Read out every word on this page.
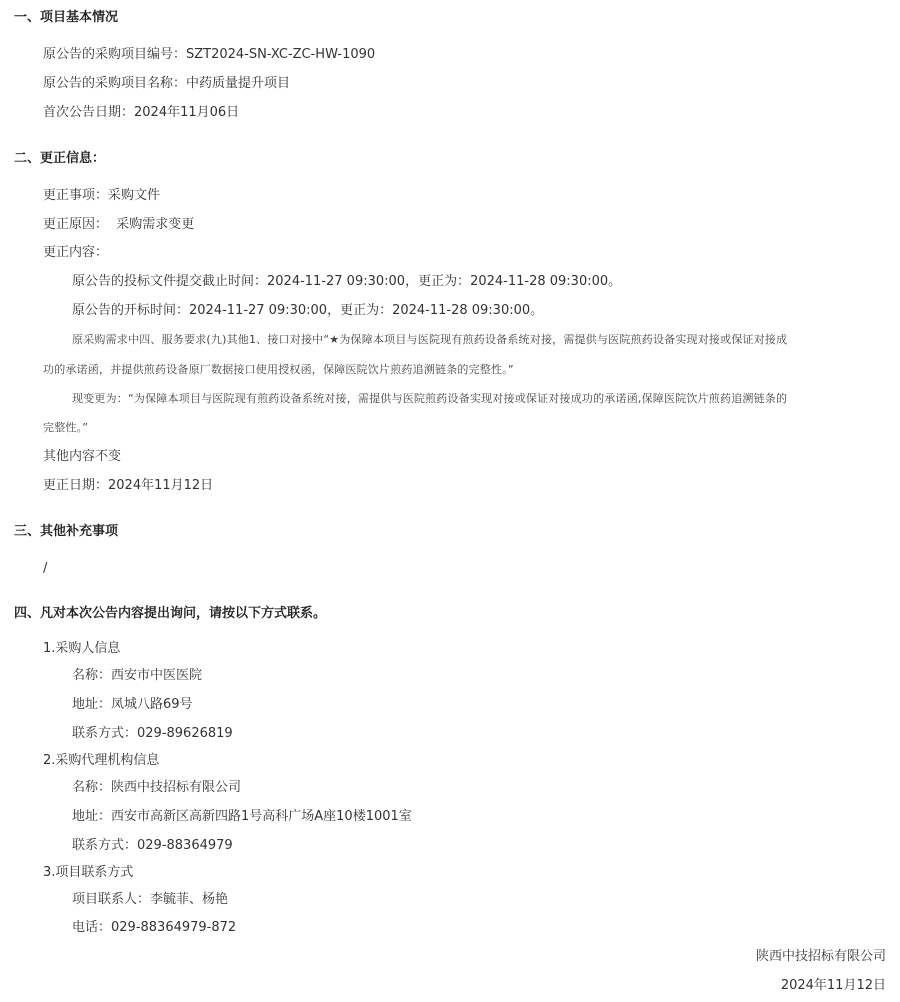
一、项目基本情况
原公告的采购项目编号：SZT2024-SN-XC-ZC-HW-1090
原公告的采购项目名称：中药质量提升项目
首次公告日期：2024年11月06日
二、更正信息：
更正事项：采购文件
更正原因：  采购需求变更
更正内容：
原公告的投标文件提交截止时间：2024-11-27 09:30:00，更正为：2024-11-28 09:30:00。
原公告的开标时间：2024-11-27 09:30:00，更正为：2024-11-28 09:30:00。
原采购需求中四、服务要求(九)其他1、接口对接中“★为保障本项目与医院现有煎药设备系统对接，需提供与医院煎药设备实现对接或保证对接成
功的承诺函，并提供煎药设备原厂数据接口使用授权函，保障医院饮片煎药追溯链条的完整性。”
现变更为：“为保障本项目与医院现有煎药设备系统对接，需提供与医院煎药设备实现对接或保证对接成功的承诺函,保障医院饮片煎药追溯链条的
完整性。”
其他内容不变
更正日期：2024年11月12日
三、其他补充事项
/
四、凡对本次公告内容提出询问，请按以下方式联系。
1.采购人信息
名称：西安市中医医院
地址：凤城八路69号
联系方式：029-89626819
2.采购代理机构信息
名称：陕西中技招标有限公司
地址：西安市高新区高新四路1号高科广场A座10楼1001室
联系方式：029-88364979
3.项目联系方式
项目联系人：李毓菲、杨艳
电话：029-88364979-872
陕西中技招标有限公司
2024年11月12日
